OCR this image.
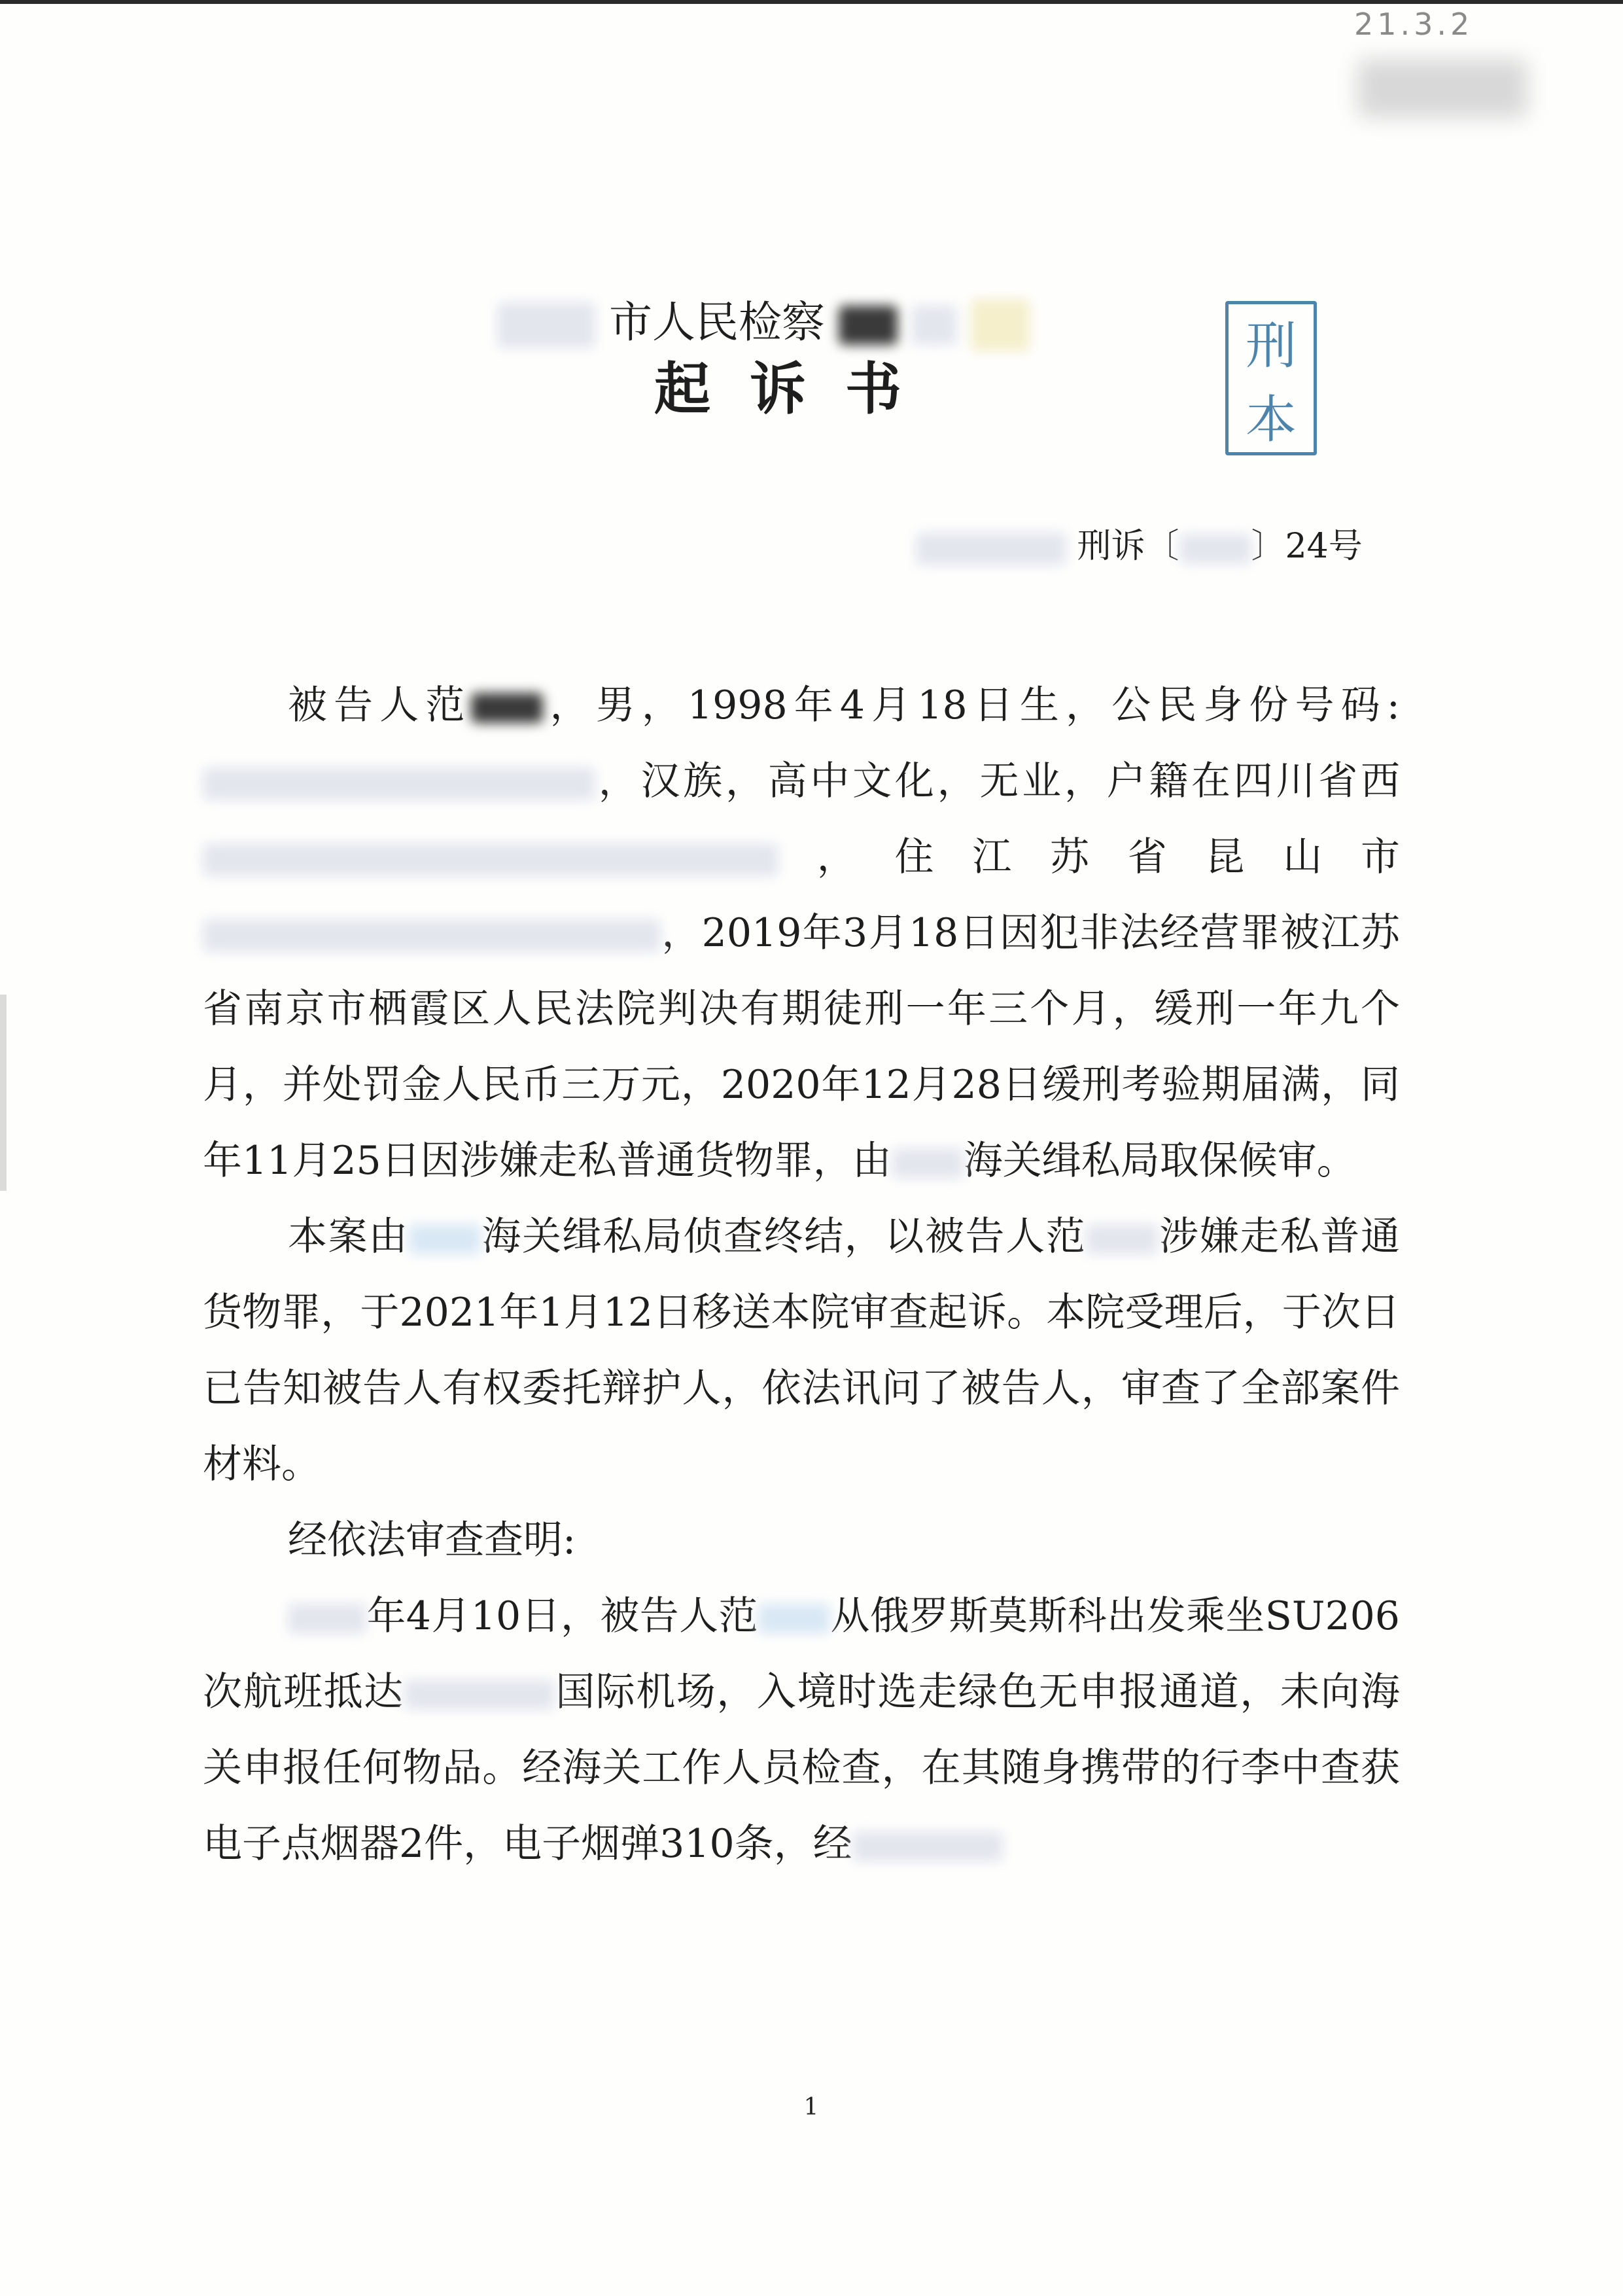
21.3.2
市人民检察
起诉书
刑
本
刑诉〔 〕24号

被告人范 ，男，1998年4月18日生，公民身份号码:，汉族，高中文化，无业，户籍在四川省西，住江苏省昆山市，2019年3月18日因犯非法经营罪被江苏省南京市栖霞区人民法院判决有期徒刑一年三个月，缓刑一年九个月，并处罚金人民币三万元，2020年12月28日缓刑考验期届满，同年11月25日因涉嫌走私普通货物罪，由 海关缉私局取保候审。

本案由 海关缉私局侦查终结，以被告人范 涉嫌走私普通货物罪，于2021年1月12日移送本院审查起诉。本院受理后，于次日已告知被告人有权委托辩护人，依法讯问了被告人，审查了全部案件材料。

经依法审查查明:

年4月10日，被告人范 从俄罗斯莫斯科出发乘坐SU206次航班抵达	国际机场，入境时选走绿色无申报通道，未向海关申报任何物品。经海关工作人员检查，在其随身携带的行李中查获电子点烟器2件，电子烟弹310条，经

1
